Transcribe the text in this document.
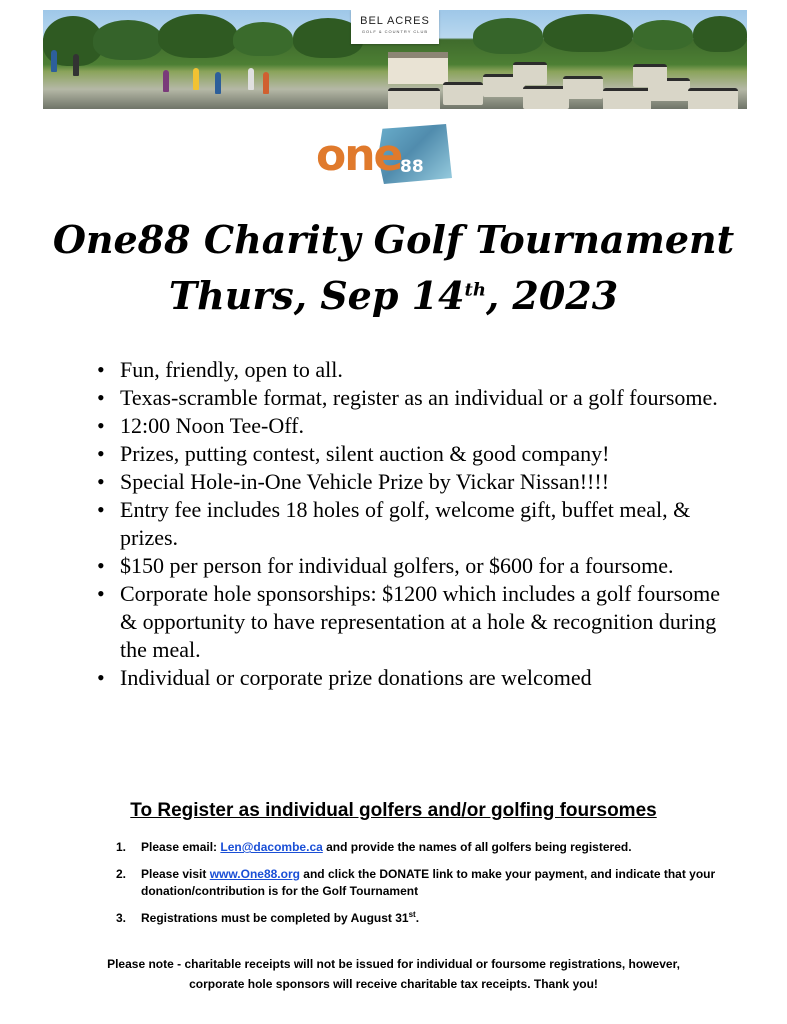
BEL ACRES
GOLF & COUNTRY CLUB
one
88
One88 Charity Golf Tournament
Thurs, Sep 14th, 2023
• Fun, friendly, open to all.
• Texas-scramble format, register as an individual or a golf foursome.
• 12:00 Noon Tee-Off.
• Prizes, putting contest, silent auction & good company!
• Special Hole-in-One Vehicle Prize by Vickar Nissan!!!!
• Entry fee includes 18 holes of golf, welcome gift, buffet meal, & prizes.
• $150 per person for individual golfers, or $600 for a foursome.
• Corporate hole sponsorships: $1200 which includes a golf foursome & opportunity to have representation at a hole & recognition during the meal.
• Individual or corporate prize donations are welcomed
To Register as individual golfers and/or golfing foursomes
1. Please email: Len@dacombe.ca and provide the names of all golfers being registered.
2. Please visit www.One88.org and click the DONATE link to make your payment, and indicate that your donation/contribution is for the Golf Tournament
3. Registrations must be completed by August 31st.
Please note - charitable receipts will not be issued for individual or foursome registrations, however, corporate hole sponsors will receive charitable tax receipts. Thank you!
